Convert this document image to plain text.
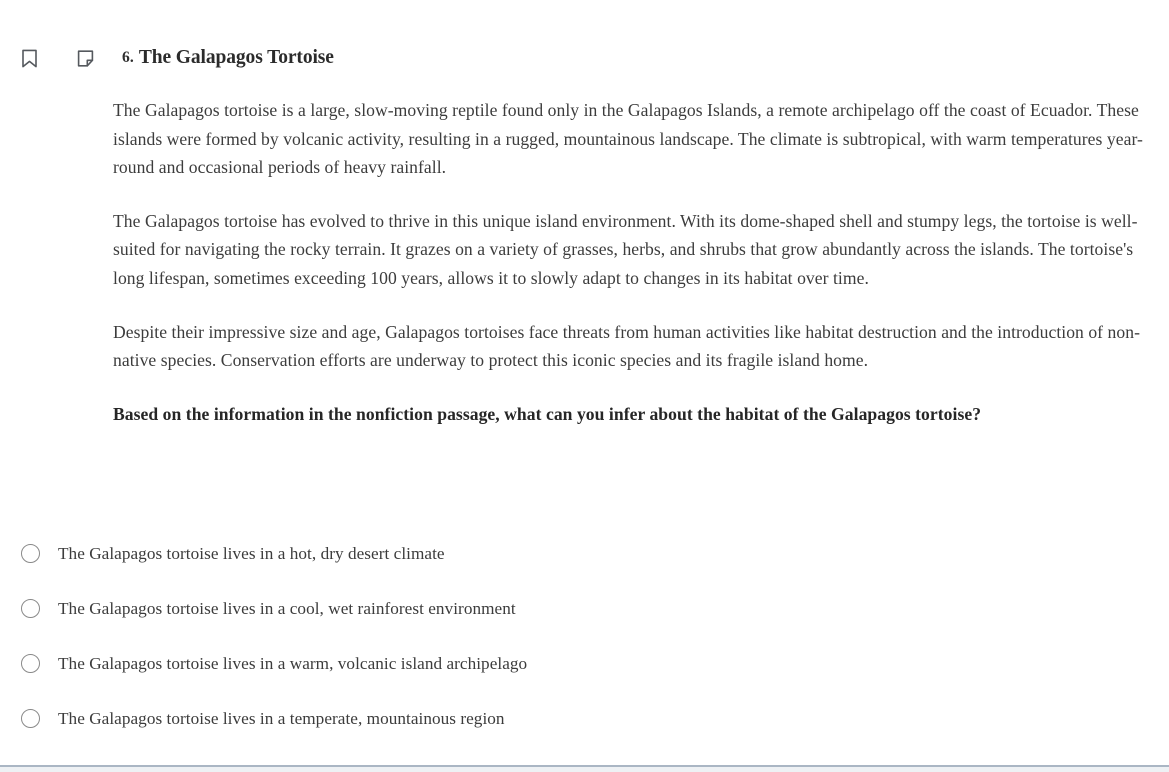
6. The Galapagos Tortoise

The Galapagos tortoise is a large, slow-moving reptile found only in the Galapagos Islands, a remote archipelago off the coast of Ecuador. These islands were formed by volcanic activity, resulting in a rugged, mountainous landscape. The climate is subtropical, with warm temperatures year-round and occasional periods of heavy rainfall.

The Galapagos tortoise has evolved to thrive in this unique island environment. With its dome-shaped shell and stumpy legs, the tortoise is well-suited for navigating the rocky terrain. It grazes on a variety of grasses, herbs, and shrubs that grow abundantly across the islands. The tortoise's long lifespan, sometimes exceeding 100 years, allows it to slowly adapt to changes in its habitat over time.

Despite their impressive size and age, Galapagos tortoises face threats from human activities like habitat destruction and the introduction of non-native species. Conservation efforts are underway to protect this iconic species and its fragile island home.

Based on the information in the nonfiction passage, what can you infer about the habitat of the Galapagos tortoise?

The Galapagos tortoise lives in a hot, dry desert climate
The Galapagos tortoise lives in a cool, wet rainforest environment
The Galapagos tortoise lives in a warm, volcanic island archipelago
The Galapagos tortoise lives in a temperate, mountainous region
